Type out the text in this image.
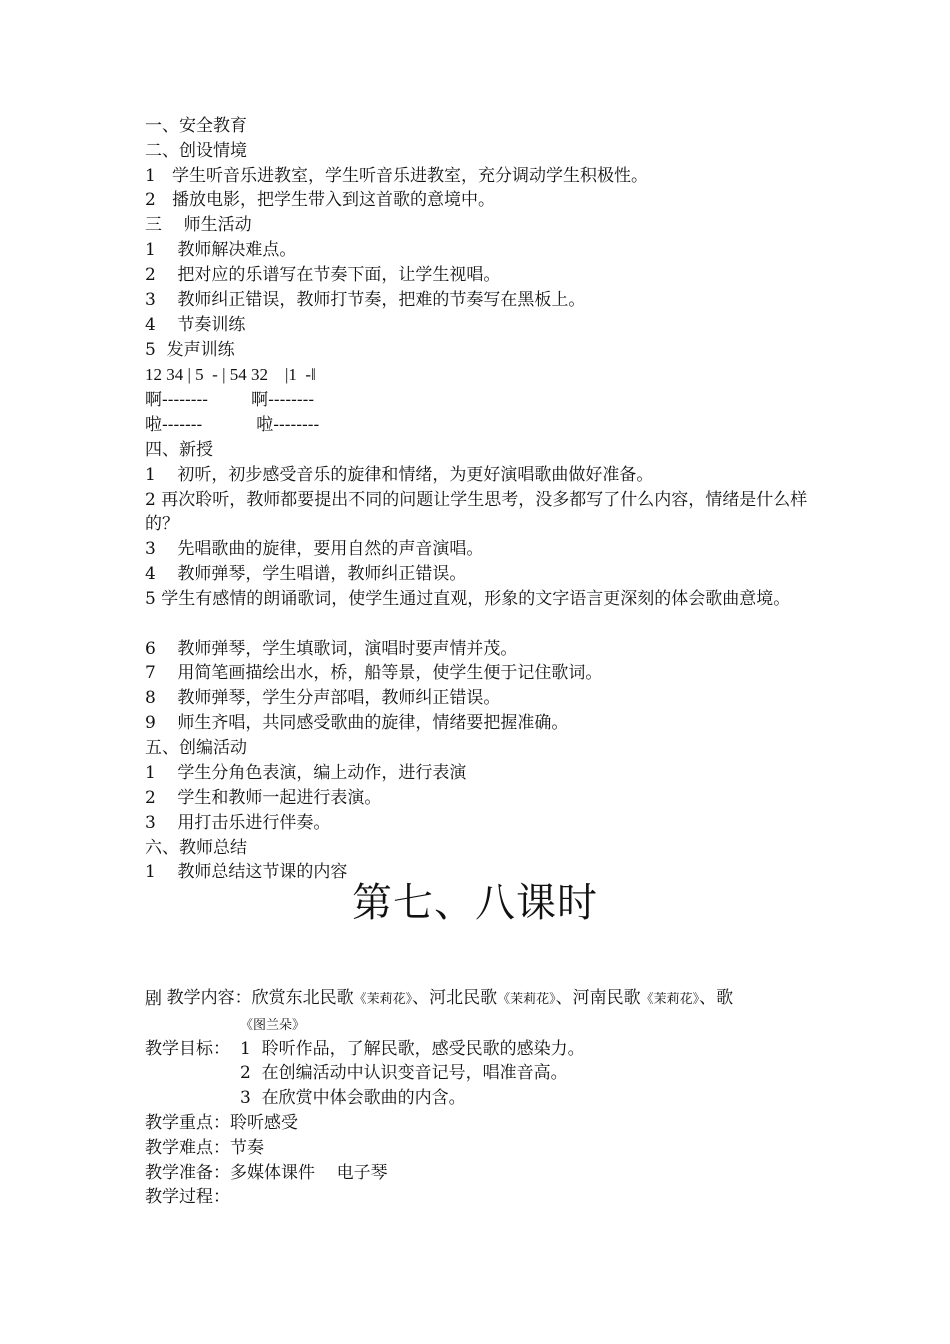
一、安全教育
二、创设情境
1   学生听音乐进教室，学生听音乐进教室，充分调动学生积极性。
2   播放电影，把学生带入到这首歌的意境中。
三    师生活动
1    教师解决难点。
2    把对应的乐谱写在节奏下面，让学生视唱。
3    教师纠正错误，教师打节奏，把难的节奏写在黑板上。
4    节奏训练
5  发声训练
12 34 | 5  - | 54 32    |1  -‖
啊--------        啊--------
啦-------          啦--------
四、新授
1    初听，初步感受音乐的旋律和情绪，为更好演唱歌曲做好准备。
2 再次聆听，教师都要提出不同的问题让学生思考，没多都写了什么内容，情绪是什么样的？
3    先唱歌曲的旋律，要用自然的声音演唱。
4    教师弹琴，学生唱谱，教师纠正错误。
5 学生有感情的朗诵歌词，使学生通过直观，形象的文字语言更深刻的体会歌曲意境。
6    教师弹琴，学生填歌词，演唱时要声情并茂。
7    用简笔画描绘出水，桥，船等景，使学生便于记住歌词。
8    教师弹琴，学生分声部唱，教师纠正错误。
9    师生齐唱，共同感受歌曲的旋律，情绪要把握准确。
五、创编活动
1    学生分角色表演，编上动作，进行表演
2    学生和教师一起进行表演。
3    用打击乐进行伴奏。
六、教师总结
1    教师总结这节课的内容
第七、八课时

教学内容：欣赏东北民歌《茉莉花》、河北民歌《茉莉花》、河南民歌《茉莉花》、歌

剧
《图兰朵》
教学目标： 1  聆听作品，了解民歌，感受民歌的感染力。
2  在创编活动中认识变音记号，唱准音高。
3  在欣赏中体会歌曲的内含。
教学重点：聆听感受
教学难点：节奏
教学准备：多媒体课件    电子琴
教学过程：
